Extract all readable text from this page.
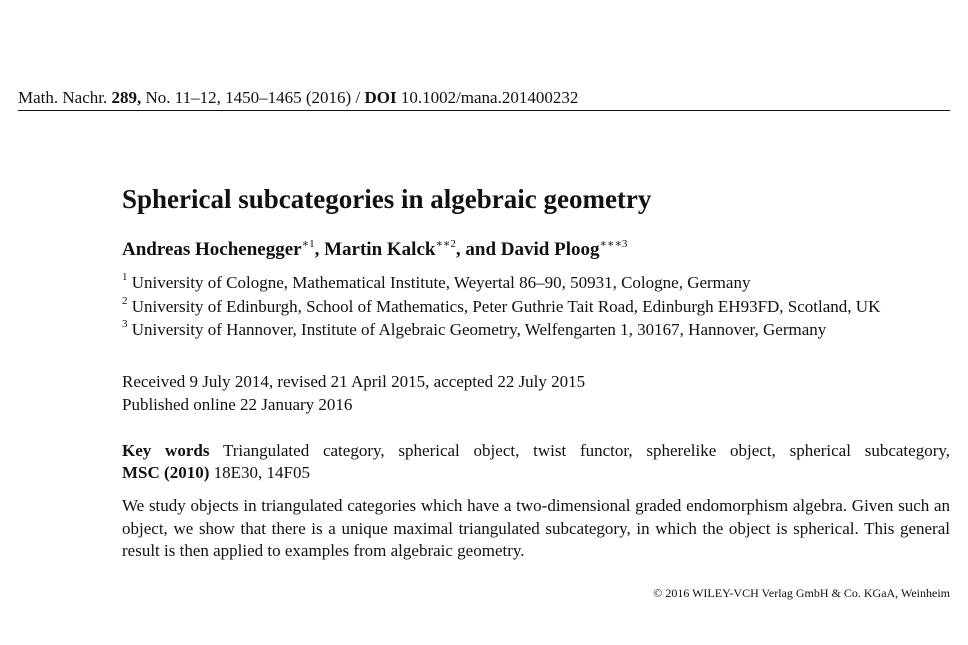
Math. Nachr. 289, No. 11–12, 1450–1465 (2016) / DOI 10.1002/mana.201400232
Spherical subcategories in algebraic geometry
Andreas Hochenegger$^{∗1}$, Martin Kalck$^{∗∗2}$, and David Ploog$^{∗∗∗3}$
$^1$ University of Cologne, Mathematical Institute, Weyertal 86–90, 50931, Cologne, Germany
$^2$ University of Edinburgh, School of Mathematics, Peter Guthrie Tait Road, Edinburgh EH93FD, Scotland, UK
$^3$ University of Hannover, Institute of Algebraic Geometry, Welfengarten 1, 30167, Hannover, Germany
Received 9 July 2014, revised 21 April 2015, accepted 22 July 2015
Published online 22 January 2016
Key words Triangulated category, spherical object, twist functor, spherelike object, spherical subcategory,
MSC (2010) 18E30, 14F05

We study objects in triangulated categories which have a two-dimensional graded endomorphism algebra. Given such an object, we show that there is a unique maximal triangulated subcategory, in which the object is spherical. This general result is then applied to examples from algebraic geometry.

© 2016 WILEY-VCH Verlag GmbH & Co. KGaA, Weinheim
